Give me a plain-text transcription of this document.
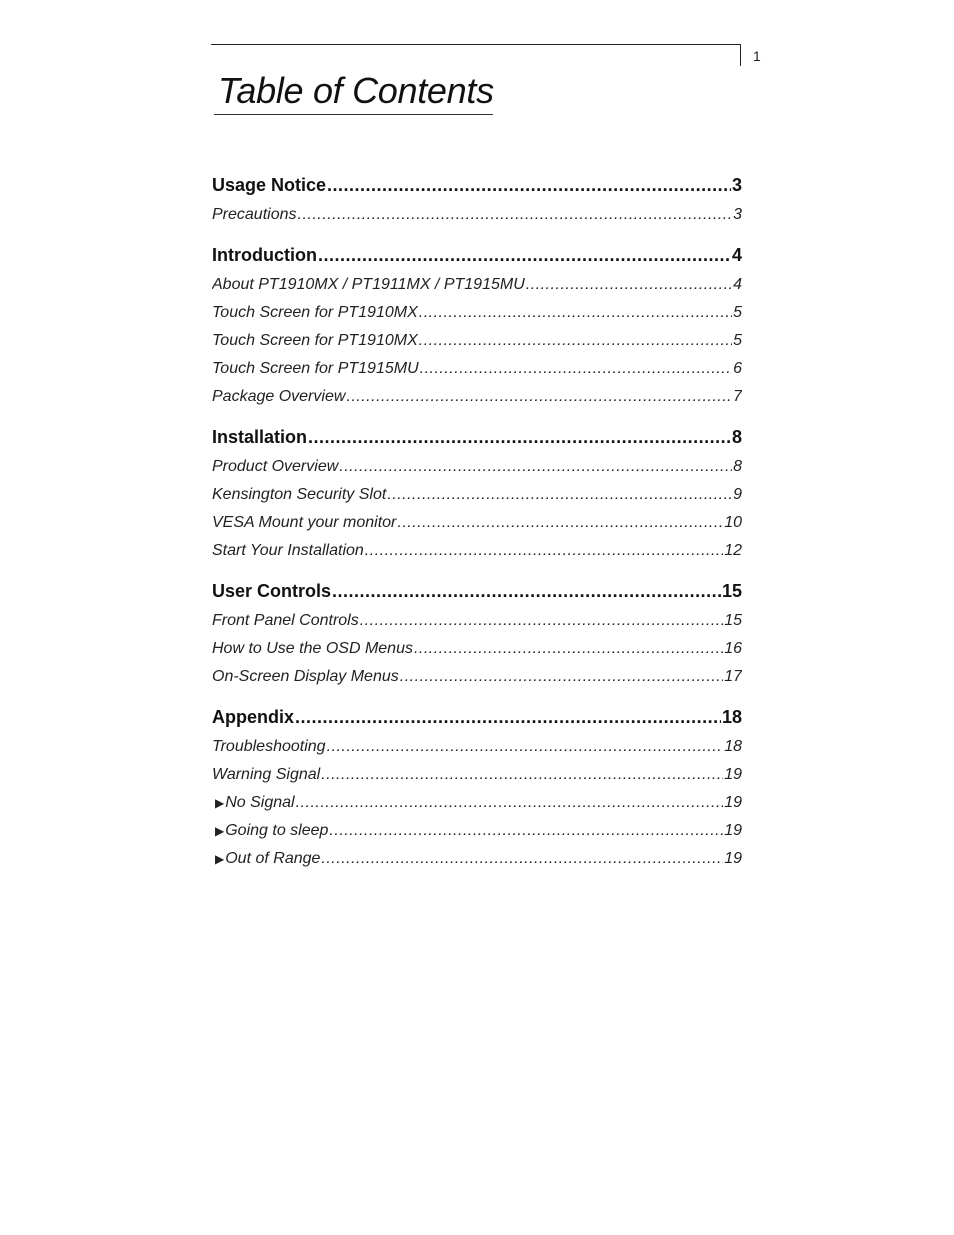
1
Table of Contents
Usage Notice .....	3
Precautions .....	3
Introduction .....	4
About PT1910MX / PT1911MX / PT1915MU .....	4
Touch Screen for PT1910MX .....	5
Touch Screen for PT1910MX .....	5
Touch Screen for PT1915MU .....	6
Package Overview .....	7
Installation .....	8
Product Overview .....	8
Kensington Security Slot .....	9
VESA Mount your monitor .....	10
Start Your Installation .....	12
User Controls .....	15
Front Panel Controls .....	15
How to Use the OSD Menus .....	16
On-Screen Display Menus .....	17
Appendix .....	18
Troubleshooting .....	18
Warning Signal .....	19
▶ No Signal .....	19
▶ Going to sleep .....	19
▶ Out of Range .....	19
